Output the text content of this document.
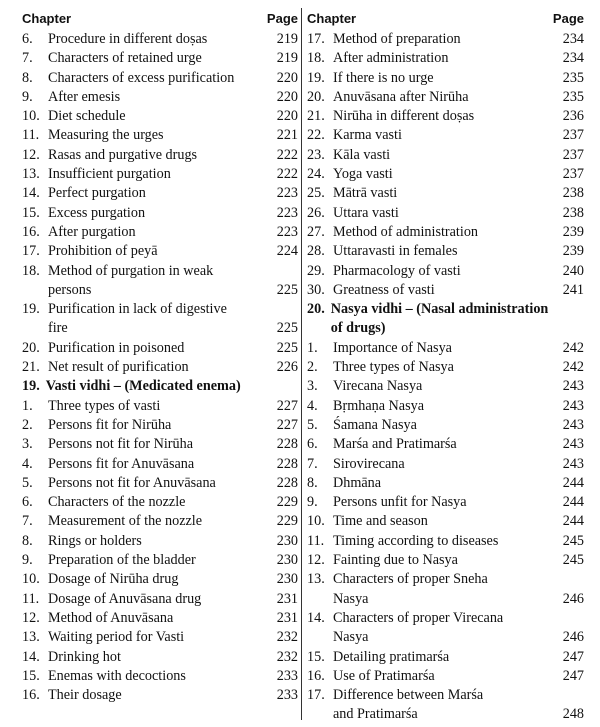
Chapter	Page
6.	Procedure in different doṣas	219
7.	Characters of retained urge	219
8.	Characters of excess purification	220
9.	After emesis	220
10. Diet schedule	220
11. Measuring the urges	221
12. Rasas and purgative drugs	222
13. Insufficient purgation	222
14. Perfect purgation	223
15. Excess purgation	223
16. After purgation	223
17. Prohibition of peyā	224
18. Method of purgation in weak
persons	225
19. Purification in lack of digestive
fire	225
20. Purification in poisoned	225
21. Net result of purification	226
19. Vasti vidhi – (Medicated enema)
1.	Three types of vasti	227
2.	Persons fit for Nirūha	227
3.	Persons not fit for Nirūha	228
4.	Persons fit for Anuvāsana	228
5.	Persons not fit for Anuvāsana	228
6.	Characters of the nozzle	229
7.	Measurement of the nozzle	229
8.	Rings or holders	230
9.	Preparation of the bladder	230
10. Dosage of Nirūha drug	230
11. Dosage of Anuvāsana drug	231
12. Method of Anuvāsana	231
13. Waiting period for Vasti	232
14. Drinking hot	232
15. Enemas with decoctions	233
16. Their dosage	233
Chapter	Page
17. Method of preparation	234
18. After administration	234
19. If there is no urge	235
20. Anuvāsana after Nirūha	235
21. Nirūha in different doṣas	236
22. Karma vasti	237
23. Kāla vasti	237
24. Yoga vasti	237
25. Mātrā vasti	238
26. Uttara vasti	238
27. Method of administration	239
28. Uttaravasti in females	239
29. Pharmacology of vasti	240
30. Greatness of vasti	241
20. Nasya vidhi – (Nasal administration
of drugs)
1.	Importance of Nasya	242
2.	Three types of Nasya	242
3.	Virecana Nasya	243
4.	Bṛmhaṇa Nasya	243
5.	Śamana Nasya	243
6.	Marśa and Pratimarśa	243
7.	Sirovirecana	243
8.	Dhmāna	244
9.	Persons unfit for Nasya	244
10. Time and season	244
11. Timing according to diseases	245
12. Fainting due to Nasya	245
13. Characters of proper Sneha
Nasya	246
14. Characters of proper Virecana
Nasya	246
15. Detailing pratimarśa	247
16. Use of Pratimarśa	247
17. Difference between Marśa
and Pratimarśa	248
